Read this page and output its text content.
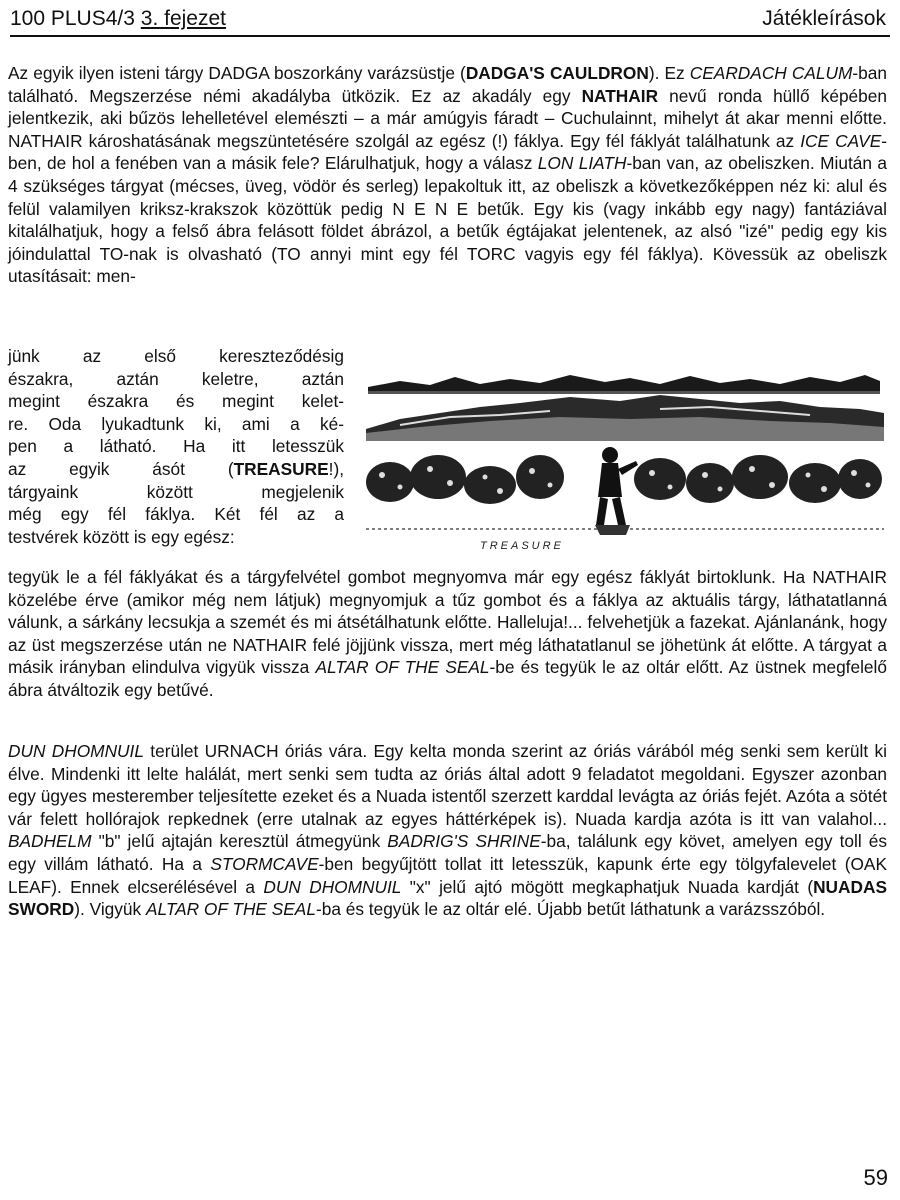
100 PLUS4/3 3. fejezet	Játékleírások
Az egyik ilyen isteni tárgy DADGA boszorkány varázsüstje (DADGA'S CAULDRON). Ez CEARDACH CALUM-ban található. Megszerzése némi akadályba ütközik. Ez az akadály egy NATHAIR nevű ronda hüllő képében jelentkezik, aki bűzös lehelletével elemészti – a már amúgyis fáradt – Cuchulainnt, mihelyt át akar menni előtte. NATHAIR károshatásának megszüntetésére szolgál az egész (!) fáklya. Egy fél fáklyát találhatunk az ICE CAVE-ben, de hol a fenében van a másik fele? Elárulhatjuk, hogy a válasz LON LIATH-ban van, az obeliszken. Miután a 4 szükséges tárgyat (mécses, üveg, vödör és serleg) lepakoltuk itt, az obeliszk a következőképpen néz ki: alul és felül valamilyen kriksz-krakszok közöttük pedig N E N E betűk. Egy kis (vagy inkább egy nagy) fantáziával kitalálhatjuk, hogy a felső ábra felásott földet ábrázol, a betűk égtájakat jelentenek, az alsó "izé" pedig egy kis jóindulattal TO-nak is olvasható (TO annyi mint egy fél TORC vagyis egy fél fáklya). Kövessük az obeliszk utasításait: men-
jünk az első kereszteződésig
északra, aztán keletre, aztán
megint északra és megint kelet-
re. Oda lyukadtunk ki, ami a ké-
pen a látható. Ha itt letesszük
az egyik ásót (TREASURE!),
tárgyaink között megjelenik
még egy fél fáklya. Két fél az a
testvérek között is egy egész:	TREASURE
tegyük le a fél fáklyákat és a tárgyfelvétel gombot megnyomva már egy egész fáklyát birtoklunk. Ha NATHAIR közelébe érve (amikor még nem látjuk) megnyomjuk a tűz gombot és a fáklya az aktuális tárgy, láthatatlanná válunk, a sárkány lecsukja a szemét és mi átsétálhatunk előtte. Halleluja!... felvehetjük a fazekat. Ajánlanánk, hogy az üst megszerzése után ne NATHAIR felé jöjjünk vissza, mert még láthatatlanul se jöhetünk át előtte. A tárgyat a másik irányban elindulva vigyük vissza ALTAR OF THE SEAL-be és tegyük le az oltár előtt. Az üstnek megfelelő ábra átváltozik egy betűvé.
DUN DHOMNUIL terület URNACH óriás vára. Egy kelta monda szerint az óriás várából még senki sem került ki élve. Mindenki itt lelte halálát, mert senki sem tudta az óriás által adott 9 feladatot megoldani. Egyszer azonban egy ügyes mesterember teljesítette ezeket és a Nuada istentől szerzett karddal levágta az óriás fejét. Azóta a sötét vár felett hollórajok repkednek (erre utalnak az egyes háttérképek is). Nuada kardja azóta is itt van valahol... BADHELM "b" jelű ajtaján keresztül átmegyünk BADRIG'S SHRINE-ba, találunk egy követ, amelyen egy toll és egy villám látható. Ha a STORMCAVE-ben begyűjtött tollat itt letesszük, kapunk érte egy tölgyfalevelet (OAK LEAF). Ennek elcserélésével a DUN DHOMNUIL "x" jelű ajtó mögött megkaphatjuk Nuada kardját (NUADAS SWORD). Vigyük ALTAR OF THE SEAL-ba és tegyük le az oltár elé. Újabb betűt láthatunk a varázsszóból.
59
